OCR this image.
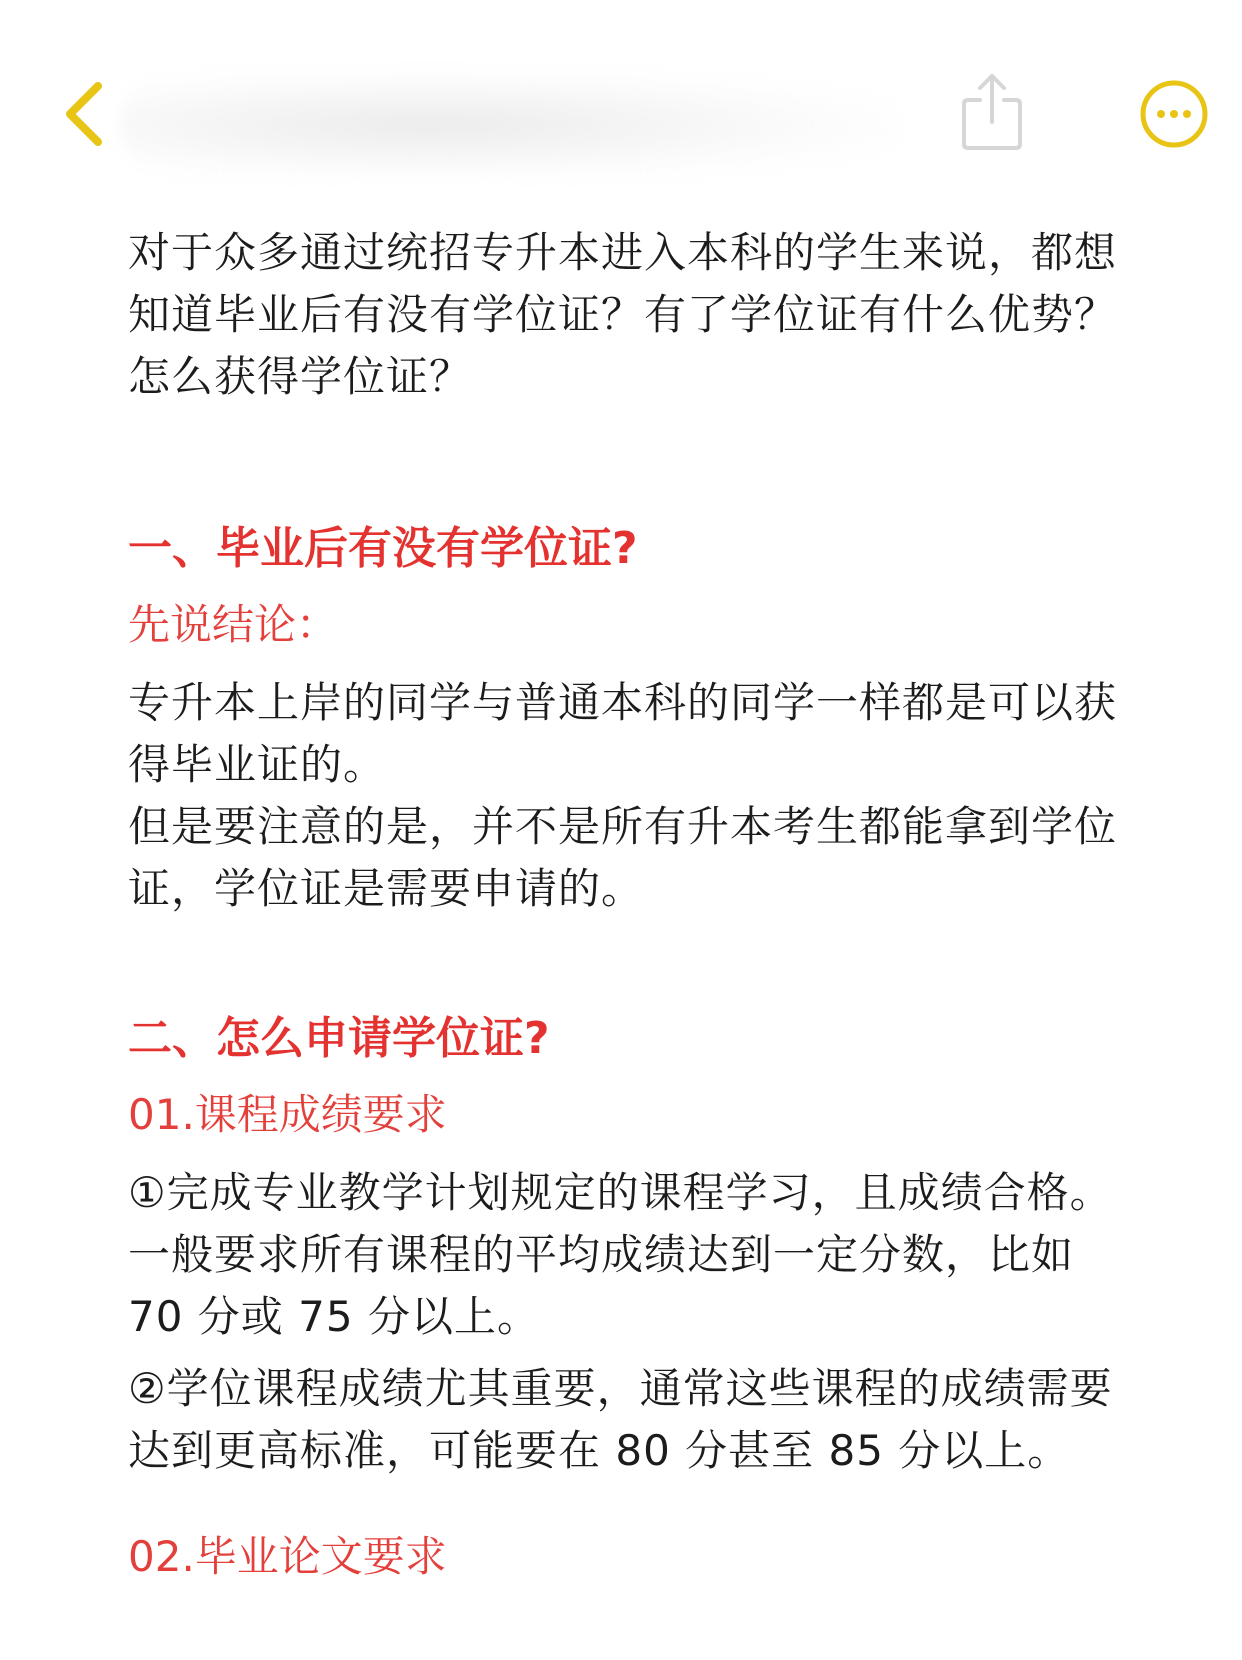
对于众多通过统招专升本进入本科的学生来说，都想知道毕业后有没有学位证？有了学位证有什么优势？怎么获得学位证？

一、毕业后有没有学位证?

先说结论：

专升本上岸的同学与普通本科的同学一样都是可以获得毕业证的。

但是要注意的是，并不是所有升本考生都能拿到学位证，学位证是需要申请的。

二、怎么申请学位证?

01.课程成绩要求

①完成专业教学计划规定的课程学习，且成绩合格。一般要求所有课程的平均成绩达到一定分数，比如 70 分或 75 分以上。

②学位课程成绩尤其重要，通常这些课程的成绩需要达到更高标准，可能要在 80 分甚至 85 分以上。

02.毕业论文要求
